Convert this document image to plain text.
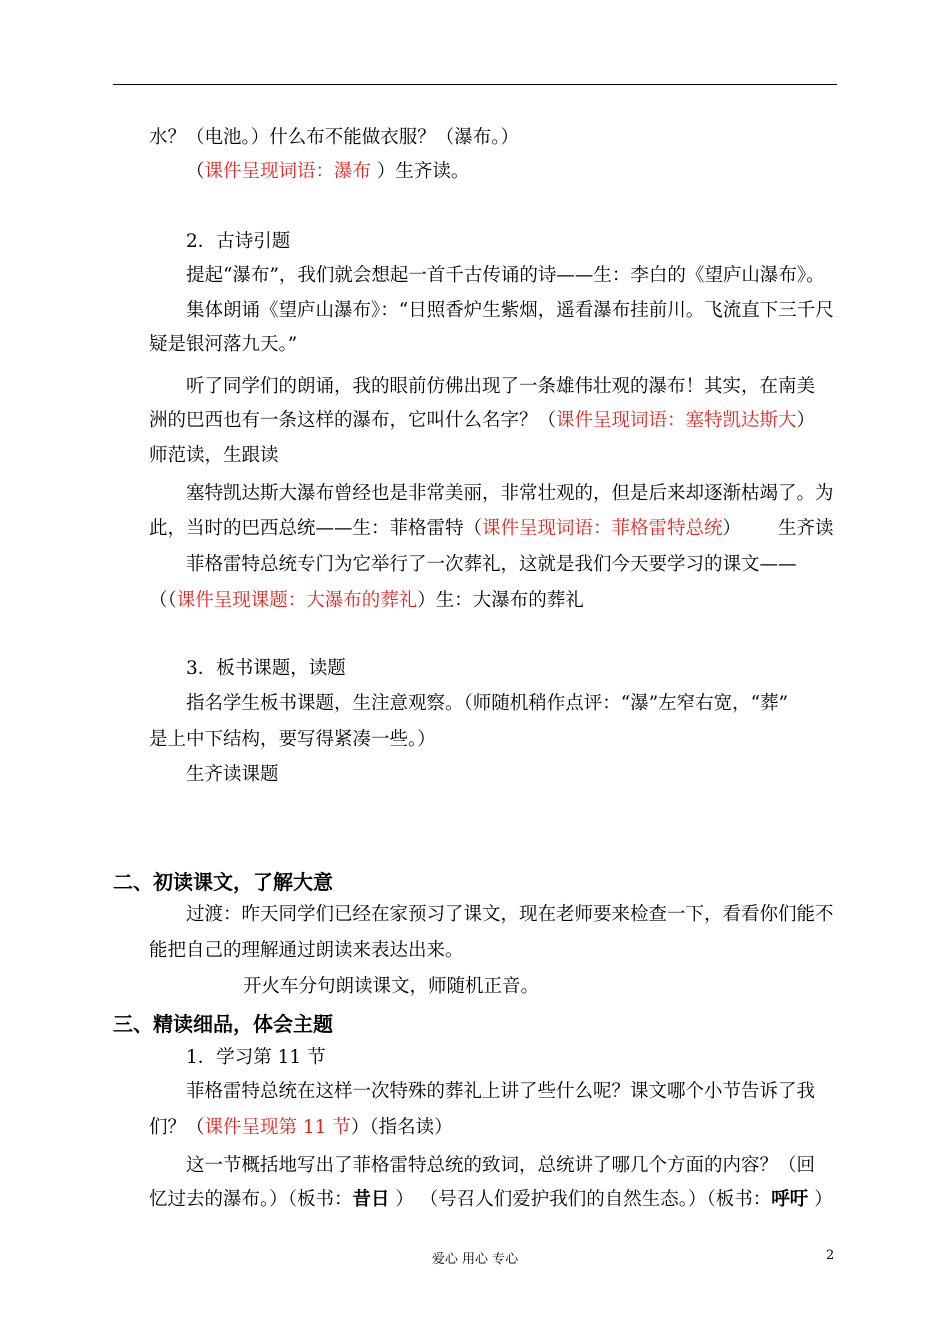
水？（电池。）什么布不能做衣服？（瀑布。）
（课件呈现词语：瀑布 ）生齐读。
2．古诗引题
提起“瀑布”，我们就会想起一首千古传诵的诗——生：李白的《望庐山瀑布》。
集体朗诵《望庐山瀑布》：“日照香炉生紫烟，遥看瀑布挂前川。飞流直下三千尺
疑是银河落九天。”
听了同学们的朗诵，我的眼前仿佛出现了一条雄伟壮观的瀑布！其实，在南美
洲的巴西也有一条这样的瀑布，它叫什么名字？（课件呈现词语：塞特凯达斯大）
师范读，生跟读
塞特凯达斯大瀑布曾经也是非常美丽，非常壮观的，但是后来却逐渐枯竭了。为
此，当时的巴西总统——生：菲格雷特（课件呈现词语：菲格雷特总统） 生齐读
菲格雷特总统专门为它举行了一次葬礼，这就是我们今天要学习的课文——
（（课件呈现课题：大瀑布的葬礼）生：大瀑布的葬礼
3．板书课题，读题
指名学生板书课题，生注意观察。（师随机稍作点评：“瀑”左窄右宽，“葬”
是上中下结构，要写得紧凑一些。）
生齐读课题
二、初读课文，了解大意
过渡：昨天同学们已经在家预习了课文，现在老师要来检查一下，看看你们能不
能把自己的理解通过朗读来表达出来。
开火车分句朗读课文，师随机正音。
三、精读细品，体会主题
1．学习第 11 节
菲格雷特总统在这样一次特殊的葬礼上讲了些什么呢？课文哪个小节告诉了我
们？（课件呈现第 11 节）（指名读）
这一节概括地写出了菲格雷特总统的致词，总统讲了哪几个方面的内容？（回
忆过去的瀑布。）（板书：昔日 ） （号召人们爱护我们的自然生态。）（板书：呼吁 ）
爱心 用心 专心	2
